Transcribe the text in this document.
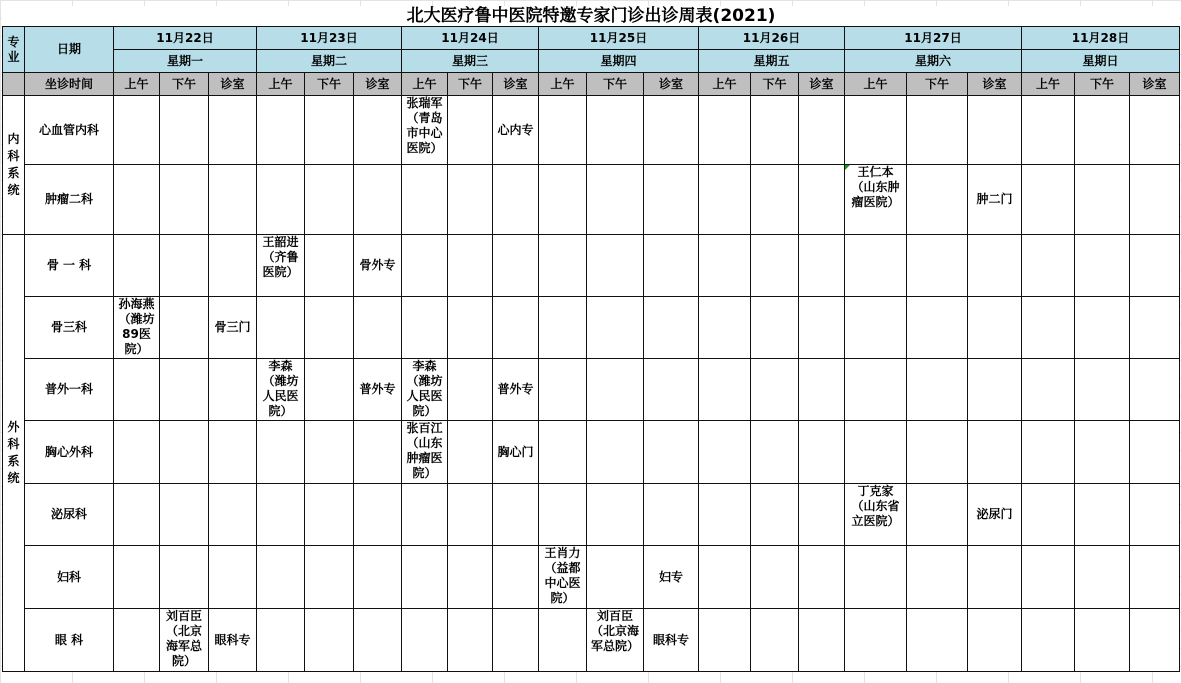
北大医疗鲁中医院特邀专家门诊出诊周表(2021)																						
专业	日期	11月22日			11月23日			11月24日			11月25日			11月26日			11月27日			11月28日		
		星期一			星期二			星期三			星期四			星期五			星期六			星期日		
	坐诊时间	上午	下午	诊室	上午	下午	诊室	上午	下午	诊室	上午	下午	诊室	上午	下午	诊室	上午	下午	诊室	上午	下午	诊室
内科系统	心血管内科							张瑞军（青岛市中心医院）		心内专												
	肿瘤二科																王仁本（山东肿瘤医院）		肿二门			
外科系统	骨 一 科				王韶进（齐鲁医院）		骨外专															
	骨三科	孙海燕（潍坊89医院）		骨三门																		
	普外一科				李森（潍坊人民医院）		普外专	李森（潍坊人民医院）		普外专												
	胸心外科							张百江（山东肿瘤医院）		胸心门												
	泌尿科																丁克家（山东省立医院）		泌尿门			
	妇科										王肖力（益都中心医院）		妇专									
	眼 科		刘百臣（北京海军总院）	眼科专								刘百臣（北京海军总院）	眼科专									
